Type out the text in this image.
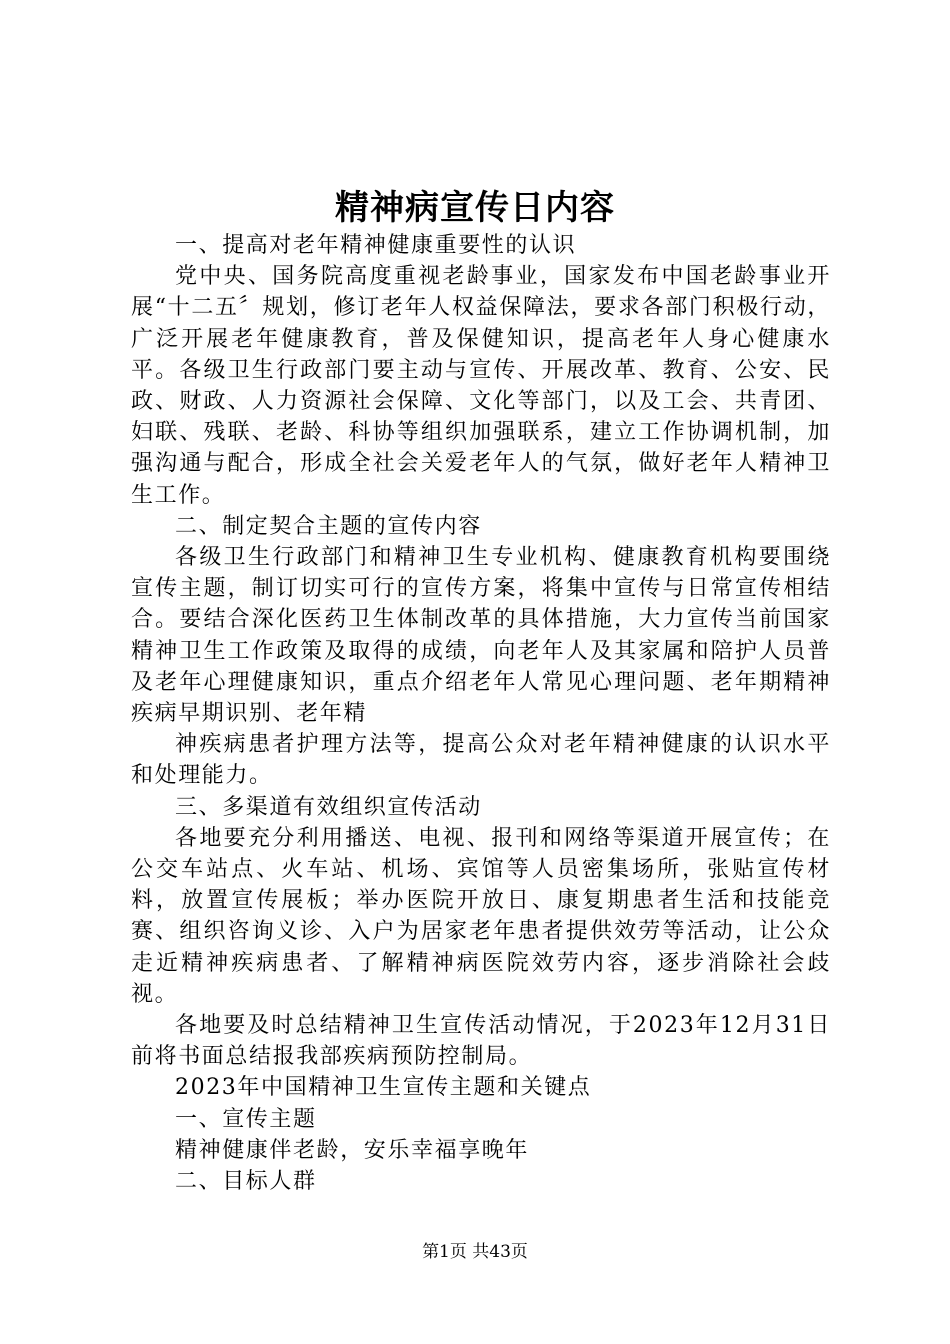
精神病宣传日内容

一、提高对老年精神健康重要性的认识

党中央、国务院高度重视老龄事业，国家发布中国老龄事业开展“十二五〞规划，修订老年人权益保障法，要求各部门积极行动，广泛开展老年健康教育，普及保健知识，提高老年人身心健康水平。各级卫生行政部门要主动与宣传、开展改革、教育、公安、民政、财政、人力资源社会保障、文化等部门，以及工会、共青团、妇联、残联、老龄、科协等组织加强联系，建立工作协调机制，加强沟通与配合，形成全社会关爱老年人的气氛，做好老年人精神卫生工作。

二、制定契合主题的宣传内容

各级卫生行政部门和精神卫生专业机构、健康教育机构要围绕宣传主题，制订切实可行的宣传方案，将集中宣传与日常宣传相结合。要结合深化医药卫生体制改革的具体措施，大力宣传当前国家精神卫生工作政策及取得的成绩，向老年人及其家属和陪护人员普及老年心理健康知识，重点介绍老年人常见心理问题、老年期精神疾病早期识别、老年精

神疾病患者护理方法等，提高公众对老年精神健康的认识水平和处理能力。

三、多渠道有效组织宣传活动

各地要充分利用播送、电视、报刊和网络等渠道开展宣传；在公交车站点、火车站、机场、宾馆等人员密集场所，张贴宣传材料，放置宣传展板；举办医院开放日、康复期患者生活和技能竞赛、组织咨询义诊、入户为居家老年患者提供效劳等活动，让公众走近精神疾病患者、了解精神病医院效劳内容，逐步消除社会歧视。

各地要及时总结精神卫生宣传活动情况，于2023年12月31日前将书面总结报我部疾病预防控制局。

2023年中国精神卫生宣传主题和关键点

一、宣传主题

精神健康伴老龄，安乐幸福享晚年

二、目标人群

第1页 共43页
